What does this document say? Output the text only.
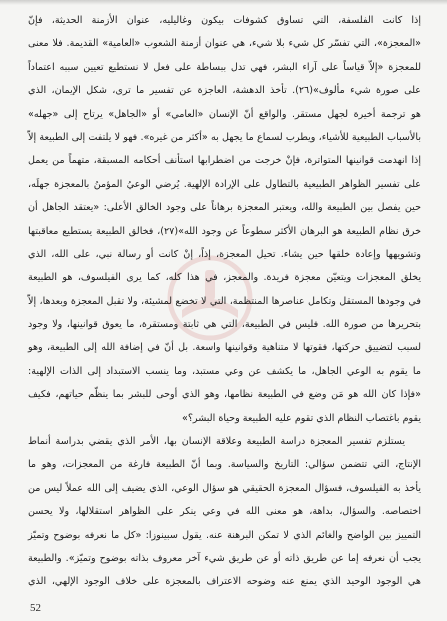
إذا كانت الفلسفة، التي تساوق كشوفات بيكون وغاليليه، عنوان الأزمنة الحديثة، فإنّ
«المعجزة»، التي تفسّر كل شيء بلا شيء، هي عنوان أزمنة الشعوب «العامية» القديمة. فلا معنى
للمعجزة «إلاّ قياساً على آراء البشر، فهي تدل ببساطة على فعل لا نستطيع تعيين سببه اعتماداً
على صورة شيء مألوف»(٢٦). تأخذ الدهشة، العاجزة عن تفسير ما ترى، شكل الإيمان، الذي
هو ترجمة أخيرة لجهل مستقر. والواقع أنّ الإنسان «العامي» أو «الجاهل» يرتاح إلى «جهله»
بالأسباب الطبيعية للأشياء، ويطرب لسماع ما يجهل به «أكثر من غيره». فهو لا يلتفت إلى الطبيعة إلاّ
إذا انهدمت قوانينها المتواترة، فإنْ خرجت من اضطرابها استأنف أحكامه المسبقة، متهماً من يعمل
على تفسير الظواهر الطبيعية بالتطاول على الإرادة الإلهية. يُرضي الوعيُ المؤمنُ بالمعجزة جهلَه،
حين يفصل بين الطبيعة والله، ويعتبر المعجزة برهاناً على وجود الخالق الأعلى: «يعتقد الجاهل أن
خرق نظام الطبيعة هو البرهان الأكثر سطوعاً عن وجود الله»(٢٧)، فخالق الطبيعة يستطيع معاقبتها
وتشويهها وإعادة خلقها حين يشاء. تحيل المعجزة، إذاً، إنْ كانت أو رسالة نبي، على الله، الذي
يخلق المعجزات ويتعيّن معجزة فريدة. والمعجز، في هذا كله، كما يرى الفيلسوف، هو الطبيعة
في وجودها المستقل وتكامل عناصرها المنتظمة، التي لا تخضع لمشيئة، ولا تقبل المعجزة وبعدها، إلاّ
بتحريرها من صورة الله. فليس في الطبيعة، التي هي ثابتة ومستقرة، ما يعوق قوانينها، ولا وجود
لسبب لتضييق حركتها، فقوتها لا متناهية وقوانينها واسعة. بل أنّ في إضافة الله إلى الطبيعة، وهو
ما يقوم به الوعي الجاهل، ما يكشف عن وعي مستبد، وما ينسب الاستبداد إلى الذات الإلهية:
«فإذا كان الله هو مَن وضع في الطبيعة نظامها، وهو الذي أوحى للبشر بما ينظّم حياتهم، فكيف
يقوم باغتصاب النظام الذي تقوم عليه الطبيعة وحياة البشر؟»
يستلزم تفسير المعجزة دراسة الطبيعة وعلاقة الإنسان بها، الأمر الذي يقضي بدراسة أنماط
الإنتاج، التي تتضمن سؤالي: التاريخ والسياسة. وبما أنّ الطبيعة فارغة من المعجزات، وهو ما
يأخذ به الفيلسوف، فسؤال المعجزة الحقيقي هو سؤال الوعي، الذي يضيف إلى الله عملاً ليس من
اختصاصه. والسؤال، بداهة، هو معنى الله في وعي ينكر على الظواهر استقلالها، ولا يحسن
التمييز بين الواضح والغائم الذي لا تمكن البرهنة عنه. يقول سبينوزا: «كل ما نعرفه بوضوح وتميّز
يجب أن نعرفه إما عن طريق ذاته أو عن طريق شيء آخر معروف بذاته بوضوح وتميّز». والطبيعة
هي الوجود الوحيد الذي يمنع عنه وضوحه الاعتراف بالمعجزة على خلاف الوجود الإلهي، الذي
52
